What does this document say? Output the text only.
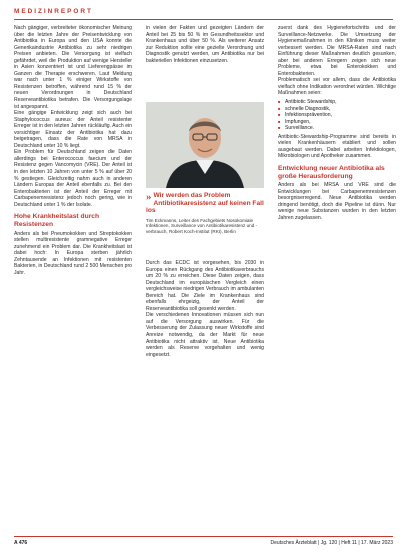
MEDIZINREPORT

Nach gängiger, verbreiteter ökonomischer Meinung über die letzten Jahre der Preisentwicklung von Antibiotika in Europa und den USA konnte die Generikaindustrie Antibiotika zu sehr niedrigen Preisen anbieten. Die Versorgung ist vielfach gefährdet, weil die Produktion auf wenige Hersteller in Asien konzentriert ist und Lieferengpässe im Ganzen die Therapie erschweren. Laut Meldung war nach unter 1 % einiger Wirkstoffe von Resistenzen betroffen, während rund 15 % der neuen Verordnungen in Deutschland Reserveantibiotika betrafen. Die Versorgungslage ist angespannt.

Eine gängige Entwicklung zeigt sich auch bei Staphylococcus aureus: der Anteil resistenter Erreger ist in den letzten Jahren rückläufig. Auch ein vorsichtiger Einsatz der Antibiotika hat dazu beigetragen, dass die Rate von MRSA in Deutschland unter 10 % liegt.

Ein Problem für Deutschland zeigen die Daten allerdings bei Enterococcus faecium und der Resistenz gegen Vancomycin (VRE). Der Anteil ist in den letzten 10 Jahren von unter 5 % auf über 20 % gestiegen. Gleichzeitig nahm auch in anderen Ländern Europas der Anteil ebenfalls zu. Bei den Enterobakterien ist der Anteil der Erreger mit Carbapenemresistenz jedoch noch gering, wie in Deutschland unter 1 % der Isolate.

Hohe Krankheitslast durch Resistenzen

Anders als bei Pneumokokken und Streptokokken stellen multiresistente gramnegative Erreger zunehmend ein Problem dar. Die Krankheitslast ist dabei hoch: In Europa sterben jährlich Zehntausende an Infektionen mit resistenten Bakterien, in Deutschland rund 2 500 Menschen pro Jahr.

in vielen der Fakten und gezeigten Ländern der Anteil bei 25 bis 50 % im Gesundheitssektor und Krankenhaus und über 50 %. Als weiterer Ansatz zur Reduktion sollte eine gezielte Verordnung und Diagnostik genutzt werden, um Antibiotika nur bei bakteriellen Infektionen einzusetzen.

» Wir werden das Problem Antibiotikaresistenz auf keinen Fall los
Tim Eckmanns, Leiter des Fachgebiets Nosokomiale Infektionen, Surveillance von Antibiotikaresistenz und -verbrauch, Robert Koch-Institut (RKI), Berlin

Durch das ECDC ist vorgesehen, bis 2030 in Europa einen Rückgang des Antibiotikaverbrauchs um 20 % zu erreichen. Diese Daten zeigen, dass Deutschland im europäischen Vergleich einen vergleichsweise niedrigen Verbrauch im ambulanten Bereich hat. Die Ziele im Krankenhaus sind ebenfalls ehrgeizig, der Anteil der Reserveantibiotika soll gesenkt werden.

Die verschiedenen Innovationen müssen sich nun auf die Versorgung auswirken. Für die Verbesserung der Zulassung neuer Wirkstoffe sind Anreize notwendig, da der Markt für neue Antibiotika nicht attraktiv ist. Neue Antibiotika werden als Reserve vorgehalten und wenig eingesetzt.

zuerst dank des Hygienefortschritts und der Surveillance-Netzwerke. Die Umsetzung der Hygienemaßnahmen in den Kliniken muss weiter verbessert werden. Die MRSA-Raten sind nach Einführung dieser Maßnahmen deutlich gesunken, aber bei anderen Erregern zeigen sich neue Probleme, etwa bei Enterokokken und Enterobakterien.

Problematisch sei vor allem, dass die Antibiotika vielfach ohne Indikation verordnet würden. Wichtige Maßnahmen seien:

■ Antibiotic Stewardship,
■ schnelle Diagnostik,
■ Infektionsprävention,
■ Impfungen,
■ Surveillance.

Antibiotic-Stewardship-Programme sind bereits in vielen Krankenhäusern etabliert und sollen ausgebaut werden. Dabei arbeiten Infektiologen, Mikrobiologen und Apotheker zusammen.

Entwicklung neuer Antibiotika als große Herausforderung

Anders als bei MRSA und VRE sind die Entwicklungen bei Carbapenemresistenzen besorgniserregend. Neue Antibiotika werden dringend benötigt, doch die Pipeline ist dünn. Nur wenige neue Substanzen wurden in den letzten Jahren zugelassen.

A 476	Deutsches Ärzteblatt | Jg. 120 | Heft 11 | 17. März 2023
